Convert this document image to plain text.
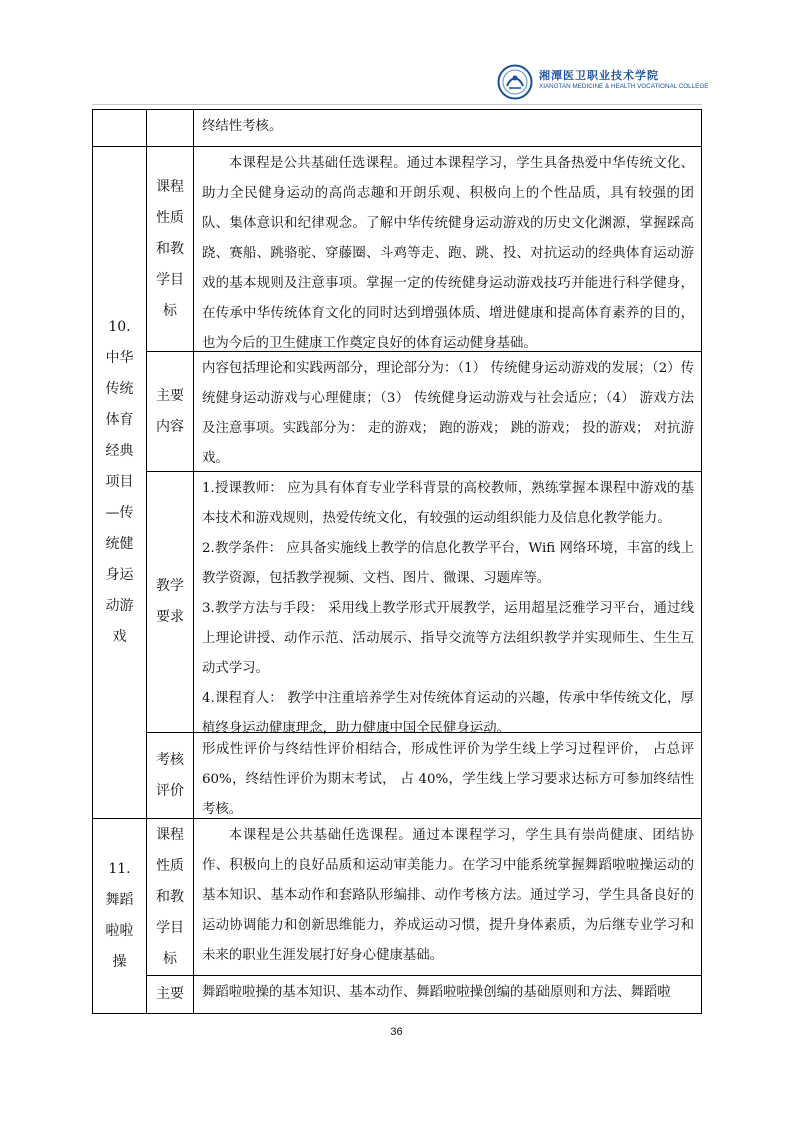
湘潭医卫职业技术学院
XIANGTAN MEDICINE & HEALTH VOCATIONAL COLLEGE

终结性考核。

10.中华传统体育经典项目—传统健身运动游戏
课程性质和教学目标

本课程是公共基础任选课程。通过本课程学习，学生具备热爱中华传统文化、助力全民健身运动的高尚志趣和开朗乐观、积极向上的个性品质，具有较强的团队、集体意识和纪律观念。了解中华传统健身运动游戏的历史文化渊源，掌握踩高跷、赛船、跳骆驼、穿藤圈、斗鸡等走、跑、跳、投、对抗运动的经典体育运动游戏的基本规则及注意事项。掌握一定的传统健身运动游戏技巧并能进行科学健身，在传承中华传统体育文化的同时达到增强体质、增进健康和提高体育素养的目的，也为今后的卫生健康工作奠定良好的体育运动健身基础。

主要内容

内容包括理论和实践两部分，理论部分为：（1） 传统健身运动游戏的发展；（2）传统健身运动游戏与心理健康；（3） 传统健身运动游戏与社会适应；（4） 游戏方法及注意事项。实践部分为： 走的游戏； 跑的游戏； 跳的游戏； 投的游戏； 对抗游戏。

教学要求

1.授课教师： 应为具有体育专业学科背景的高校教师，熟练掌握本课程中游戏的基本技术和游戏规则，热爱传统文化，有较强的运动组织能力及信息化教学能力。

2.教学条件： 应具备实施线上教学的信息化教学平台，Wifi 网络环境，丰富的线上教学资源，包括教学视频、文档、图片、微课、习题库等。

3.教学方法与手段： 采用线上教学形式开展教学，运用超星泛雅学习平台，通过线上理论讲授、动作示范、活动展示、指导交流等方法组织教学并实现师生、生生互动式学习。

4.课程育人： 教学中注重培养学生对传统体育运动的兴趣，传承中华传统文化，厚植终身运动健康理念，助力健康中国全民健身运动。

考核评价

形成性评价与终结性评价相结合，形成性评价为学生线上学习过程评价， 占总评 60%，终结性评价为期末考试， 占 40%，学生线上学习要求达标方可参加终结性考核。

11.舞蹈啦啦操
课程性质和教学目标

本课程是公共基础任选课程。通过本课程学习，学生具有崇尚健康、团结协作、积极向上的良好品质和运动审美能力。在学习中能系统掌握舞蹈啦啦操运动的基本知识、基本动作和套路队形编排、动作考核方法。通过学习，学生具备良好的运动协调能力和创新思维能力，养成运动习惯，提升身体素质，为后继专业学习和未来的职业生涯发展打好身心健康基础。

主要 舞蹈啦啦操的基本知识、基本动作、舞蹈啦啦操创编的基础原则和方法、舞蹈啦

36
